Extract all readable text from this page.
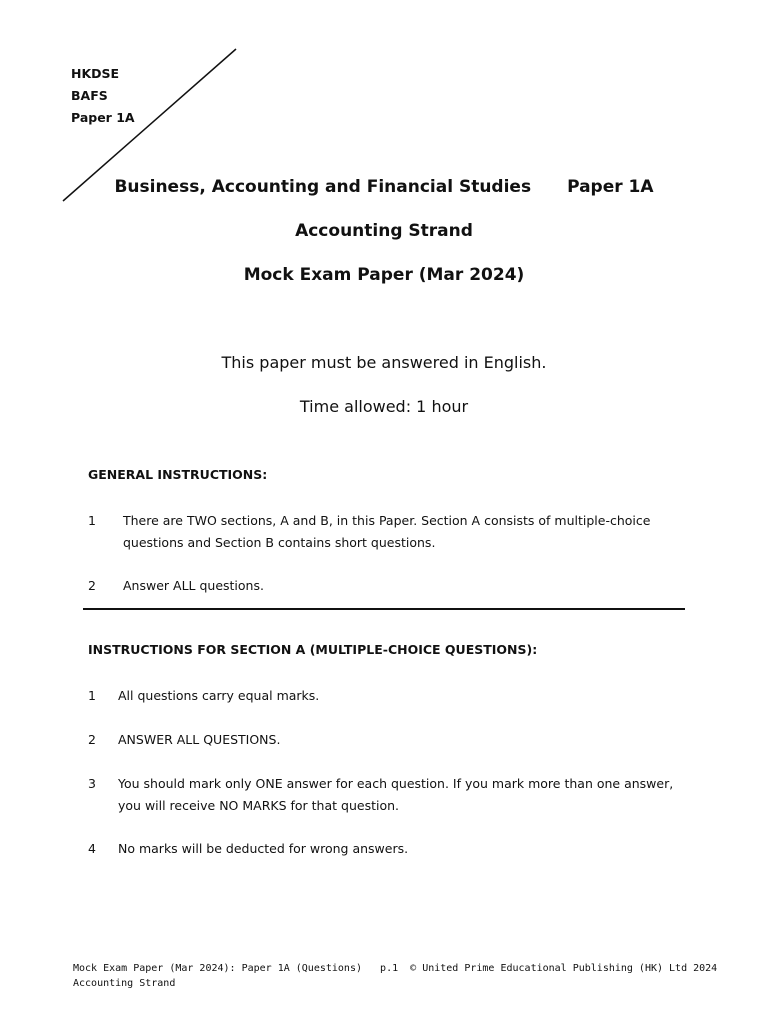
HKDSE
BAFS
Paper 1A
Business, Accounting and Financial Studies Paper 1A
Accounting Strand
Mock Exam Paper (Mar 2024)
This paper must be answered in English.
Time allowed: 1 hour
GENERAL INSTRUCTIONS:
1 There are TWO sections, A and B, in this Paper. Section A consists of multiple-choice questions and Section B contains short questions.
2 Answer ALL questions.
INSTRUCTIONS FOR SECTION A (MULTIPLE-CHOICE QUESTIONS):
1 All questions carry equal marks.
2 ANSWER ALL QUESTIONS.
3 You should mark only ONE answer for each question. If you mark more than one answer, you will receive NO MARKS for that question.
4 No marks will be deducted for wrong answers.
Mock Exam Paper (Mar 2024): Paper 1A (Questions) p.1 © United Prime Educational Publishing (HK) Ltd 2024
Accounting Strand
